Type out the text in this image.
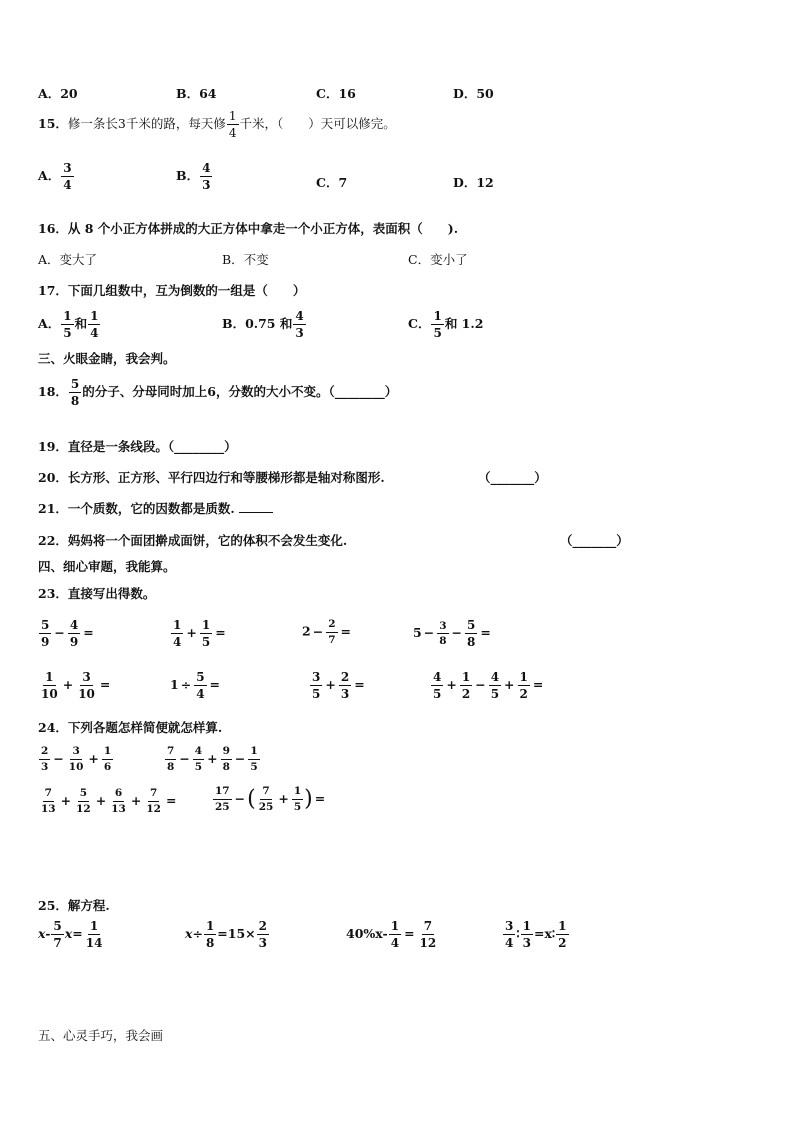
A．20	B．64	C．16	D．50
15．修一条长3千米的路，每天修 $\frac{1}{4}$ 千米，（　　）天可以修完。
A． $\frac{3}{4}$	B． $\frac{4}{3}$	C．7	D．12
16．从 8 个小正方体拼成的大正方体中拿走一个小正方体，表面积（　　).
A．变大了	B．不变	C．变小了
17．下面几组数中，互为倒数的一组是（　　）
A． $\frac{1}{5}$ 和 $\frac{1}{4}$	B．0.75 和 $\frac{4}{3}$	C． $\frac{1}{5}$ 和 1.2
三、火眼金睛，我会判。
18． $\frac{5}{8}$ 的分子、分母同时加上6，分数的大小不变。（________）
19．直径是一条线段。（________）
20．长方形、正方形、平行四边行和等腰梯形都是轴对称图形.	（_______）
21．一个质数，它的因数都是质数.
22．妈妈将一个面团擀成面饼，它的体积不会发生变化.	（_______）
四、细心审题，我能算。
23．直接写出得数。
$\frac{5}{9} - \frac{4}{9}$ =	$\frac{1}{4} + \frac{1}{5}$ =	$2 - \frac{2}{7}$ =	$5 - \frac{3}{8} - \frac{5}{8}$ =
$\frac{1}{10} + \frac{3}{10}$ =	$1 \div \frac{5}{4}$ =	$\frac{3}{5} + \frac{2}{3}$ =	$\frac{4}{5} + \frac{1}{2} - \frac{4}{5} + \frac{1}{2}$ =
24．下列各题怎样简便就怎样算.
$\frac{2}{3} - \frac{3}{10} + \frac{1}{6}$	$\frac{7}{8} - \frac{4}{5} + \frac{9}{8} - \frac{1}{5}$
$\frac{7}{13} + \frac{5}{12} + \frac{6}{13} + \frac{7}{12}$ =	$\frac{17}{25}$ −( $\frac{7}{25} + \frac{1}{5}$ ) =
25．解方程.
$x- \frac{5}{7} x= \frac{1}{14}$	$x\div \frac{1}{8} =15\times \frac{2}{3}$	$40\%x- \frac{1}{4} = \frac{7}{12}$	$\frac{3}{4}$ ∶ $\frac{1}{3}$ =x∶ $\frac{1}{2}$
五、心灵手巧，我会画
